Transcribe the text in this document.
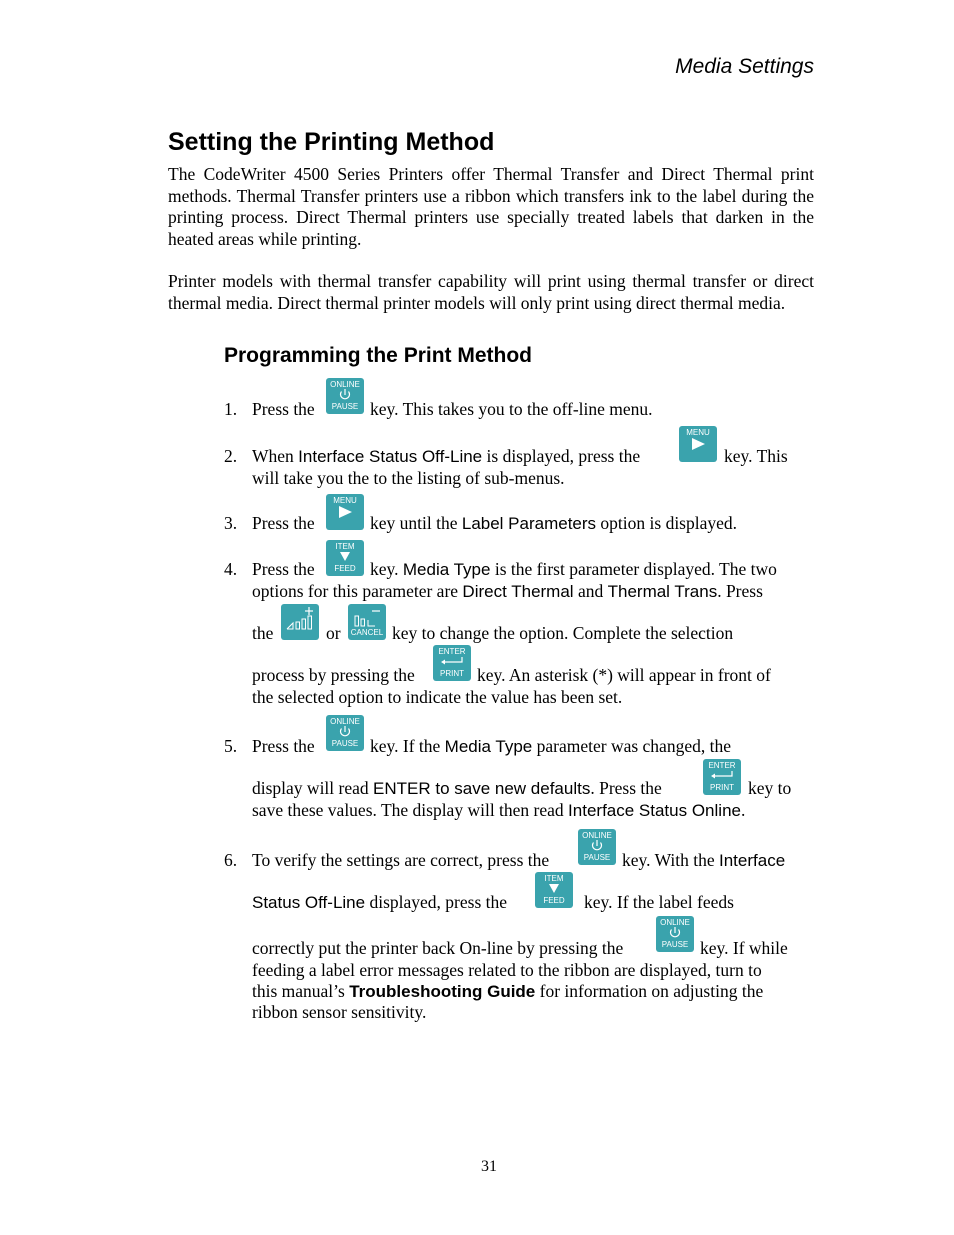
Media Settings
Setting the Printing Method

The CodeWriter 4500 Series Printers offer Thermal Transfer and Direct Thermal print methods. Thermal Transfer printers use a ribbon which transfers ink to the label during the printing process. Direct Thermal printers use specially treated labels that darken in the heated areas while printing.

Printer models with thermal transfer capability will print using thermal transfer or direct thermal media. Direct thermal printer models will only print using direct thermal media.

Programming the Print Method
1. Press the
ONLINE
PAUSE key. This takes you to the off-line menu.
2. When Interface Status Off-Line is displayed, press the
MENU
key. This
will take you the to the listing of sub-menus.
3. Press the
MENU
key until the Label Parameters option is displayed.
4. Press the
ITEM
FEED key. Media Type is the first parameter displayed. The two
options for this parameter are Direct Thermal and Thermal Trans. Press
the	or	CANCEL key to change the option. Complete the selection
process by pressing the
ENTER
PRINT key. An asterisk (*) will appear in front of
the selected option to indicate the value has been set.
5. Press the
ONLINE
PAUSE key. If the Media Type parameter was changed, the
display will read ENTER to save new defaults. Press the
ENTER
PRINT key to
save these values. The display will then read Interface Status Online.
6. To verify the settings are correct, press the
ONLINE
PAUSE key. With the Interface
Status Off-Line displayed, press the
ITEM
FEED	key. If the label feeds
correctly put the printer back On-line by pressing the
ONLINE
PAUSE key. If while
feeding a label error messages related to the ribbon are displayed, turn to
this manual’s Troubleshooting Guide for information on adjusting the
ribbon sensor sensitivity.
31
